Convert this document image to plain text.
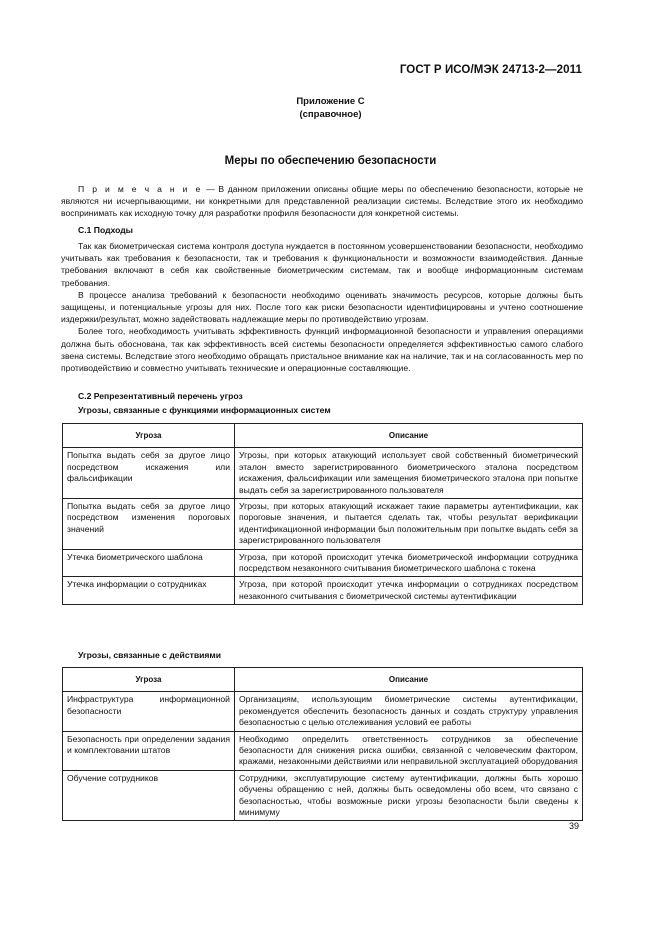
ГОСТ Р ИСО/МЭК 24713-2—2011
Приложение С
(справочное)
Меры по обеспечению безопасности

П р и м е ч а н и е — В данном приложении описаны общие меры по обеспечению безопасности, которые не являются ни исчерпывающими, ни конкретными для представленной реализации системы. Вследствие этого их необходимо воспринимать как исходную точку для разработки профиля безопасности для конкретной системы.

С.1 Подходы

Так как биометрическая система контроля доступа нуждается в постоянном усовершенствовании безопасности, необходимо учитывать как требования к безопасности, так и требования к функциональности и возможности взаимодействия. Данные требования включают в себя как свойственные биометрическим системам, так и вообще информационным системам требования.

В процессе анализа требований к безопасности необходимо оценивать значимость ресурсов, которые должны быть защищены, и потенциальные угрозы для них. После того как риски безопасности идентифицированы и учтено соотношение издержки/результат, можно задействовать надлежащие меры по противодействию угрозам.

Более того, необходимость учитывать эффективность функций информационной безопасности и управления операциями должна быть обоснована, так как эффективность всей системы безопасности определяется эффективностью самого слабого звена системы. Вследствие этого необходимо обращать пристальное внимание как на наличие, так и на согласованность мер по противодействию и совместно учитывать технические и операционные составляющие.

С.2 Репрезентативный перечень угроз
Угрозы, связанные с функциями информационных систем
Угроза	Описание
Попытка выдать себя за другое лицо посредством искажения или фальсификации	Угрозы, при которых атакующий использует свой собственный биометрический эталон вместо зарегистрированного биометрического эталона посредством искажения, фальсификации или замещения биометрического эталона при попытке выдать себя за зарегистрированного пользователя
Попытка выдать себя за другое лицо посредством изменения пороговых значений	Угрозы, при которых атакующий искажает такие параметры аутентификации, как пороговые значения, и пытается сделать так, чтобы результат верификации идентификационной информации был положительным при попытке выдать себя за зарегистрированного пользователя
Утечка биометрического шаблона	Угроза, при которой происходит утечка биометрической информации сотрудника посредством незаконного считывания биометрического шаблона с токена
Утечка информации о сотрудниках	Угроза, при которой происходит утечка информации о сотрудниках посредством незаконного считывания с биометрической системы аутентификации
Угрозы, связанные с действиями
Угроза	Описание
Инфраструктура информационной безопасности	Организациям, использующим биометрические системы аутентификации, рекомендуется обеспечить безопасность данных и создать структуру управления безопасностью с целью отслеживания условий ее работы
Безопасность при определении задания и комплектовании штатов	Необходимо определить ответственность сотрудников за обеспечение безопасности для снижения риска ошибки, связанной с человеческим фактором, кражами, незаконными действиями или неправильной эксплуатацией оборудования
Обучение сотрудников	Сотрудники, эксплуатирующие систему аутентификации, должны быть хорошо обучены обращению с ней, должны быть осведомлены обо всем, что связано с безопасностью, чтобы возможные риски угрозы безопасности были сведены к минимуму
39
